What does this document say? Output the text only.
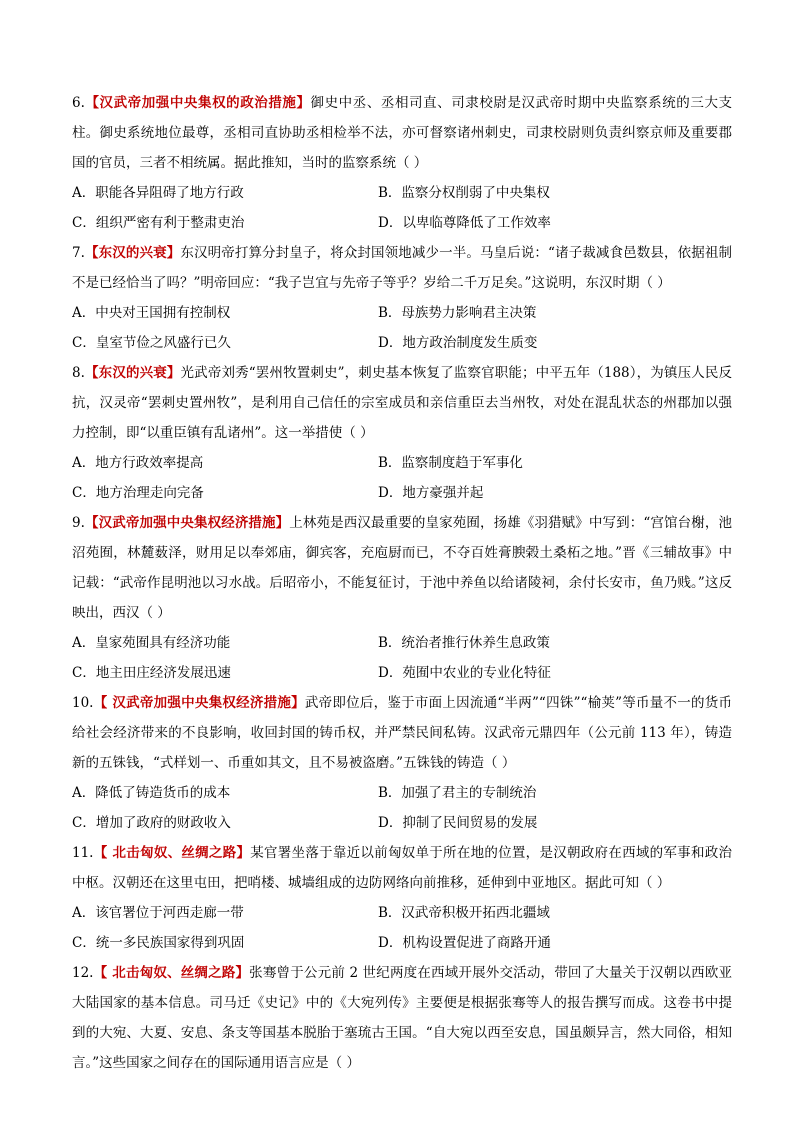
6.【汉武帝加强中央集权的政治措施】御史中丞、丞相司直、司隶校尉是汉武帝时期中央监察系统的三大支柱。御史系统地位最尊，丞相司直协助丞相检举不法，亦可督察诸州刺史，司隶校尉则负责纠察京师及重要郡国的官员，三者不相统属。据此推知，当时的监察系统（ ）

A．职能各异阻碍了地方行政	B．监察分权削弱了中央集权
C．组织严密有利于整肃吏治	D．以卑临尊降低了工作效率

7.【东汉的兴衰】东汉明帝打算分封皇子，将众封国领地减少一半。马皇后说：“诸子裁减食邑数县，依据祖制不是已经恰当了吗？”明帝回应：“我子岂宜与先帝子等乎？岁给二千万足矣。”这说明，东汉时期（ ）

A．中央对王国拥有控制权	B．母族势力影响君主决策
C．皇室节俭之风盛行已久	D．地方政治制度发生质变

8.【东汉的兴衰】光武帝刘秀“罢州牧置刺史”，刺史基本恢复了监察官职能；中平五年（188），为镇压人民反抗，汉灵帝“罢刺史置州牧”，是利用自己信任的宗室成员和亲信重臣去当州牧，对处在混乱状态的州郡加以强力控制，即“以重臣镇有乱诸州”。这一举措使（ ）

A．地方行政效率提高	B．监察制度趋于军事化
C．地方治理走向完备	D．地方豪强并起

9.【汉武帝加强中央集权经济措施】上林苑是西汉最重要的皇家苑囿，扬雄《羽猎赋》中写到：“宫馆台榭，池沼苑囿，林麓薮泽，财用足以奉郊庙，御宾客，充庖厨而已，不夺百姓膏腴榖土桑柘之地。”晋《三辅故事》中记载：“武帝作昆明池以习水战。后昭帝小，不能复征讨，于池中养鱼以给诸陵祠，余付长安市，鱼乃贱。”这反映出，西汉（ ）

A．皇家苑囿具有经济功能	B．统治者推行休养生息政策
C．地主田庄经济发展迅速	D．苑囿中农业的专业化特征

10.【 汉武帝加强中央集权经济措施】武帝即位后，鉴于市面上因流通“半两”“四铢”“榆荚”等币量不一的货币给社会经济带来的不良影响，收回封国的铸币权，并严禁民间私铸。汉武帝元鼎四年（公元前 113 年），铸造新的五铢钱，“式样划一、币重如其文，且不易被盗磨。”五铢钱的铸造（ ）

A．降低了铸造货币的成本	B．加强了君主的专制统治
C．增加了政府的财政收入	D．抑制了民间贸易的发展

11.【 北击匈奴、丝绸之路】某官署坐落于靠近以前匈奴单于所在地的位置，是汉朝政府在西域的军事和政治中枢。汉朝还在这里屯田，把哨楼、城墙组成的边防网络向前推移，延伸到中亚地区。据此可知（ ）

A．该官署位于河西走廊一带	B．汉武帝积极开拓西北疆域
C．统一多民族国家得到巩固	D．机构设置促进了商路开通

12.【 北击匈奴、丝绸之路】张骞曾于公元前 2 世纪两度在西域开展外交活动，带回了大量关于汉朝以西欧亚大陆国家的基本信息。司马迁《史记》中的《大宛列传》主要便是根据张骞等人的报告撰写而成。这卷书中提到的大宛、大夏、安息、条支等国基本脱胎于塞琉古王国。“自大宛以西至安息，国虽颇异言，然大同俗，相知言。”这些国家之间存在的国际通用语言应是（ ）
